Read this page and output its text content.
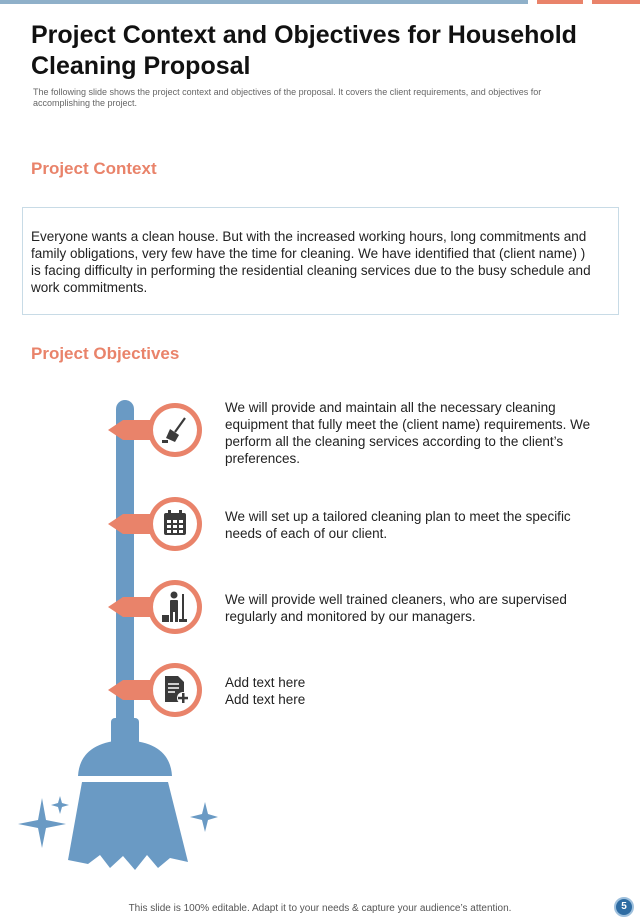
Project Context and Objectives for Household Cleaning Proposal
The following slide shows the project context and objectives of the proposal. It covers the client requirements, and objectives for accomplishing the project.
Project Context
Everyone wants a clean house. But with the increased working hours, long commitments and family obligations, very few have the time for cleaning. We have identified that (client name) ) is facing difficulty in performing the residential cleaning services due to the busy schedule and work commitments.
Project Objectives
We will provide and maintain all the necessary cleaning equipment that fully meet the (client name) requirements. We perform all the cleaning services according to the client’s preferences.
We will set up a tailored cleaning plan to meet the specific needs of each of our client.
We will provide well trained cleaners, who are supervised regularly and monitored by our managers.
Add text here
Add text here
This slide is 100% editable. Adapt it to your needs & capture your audience’s attention.	5
